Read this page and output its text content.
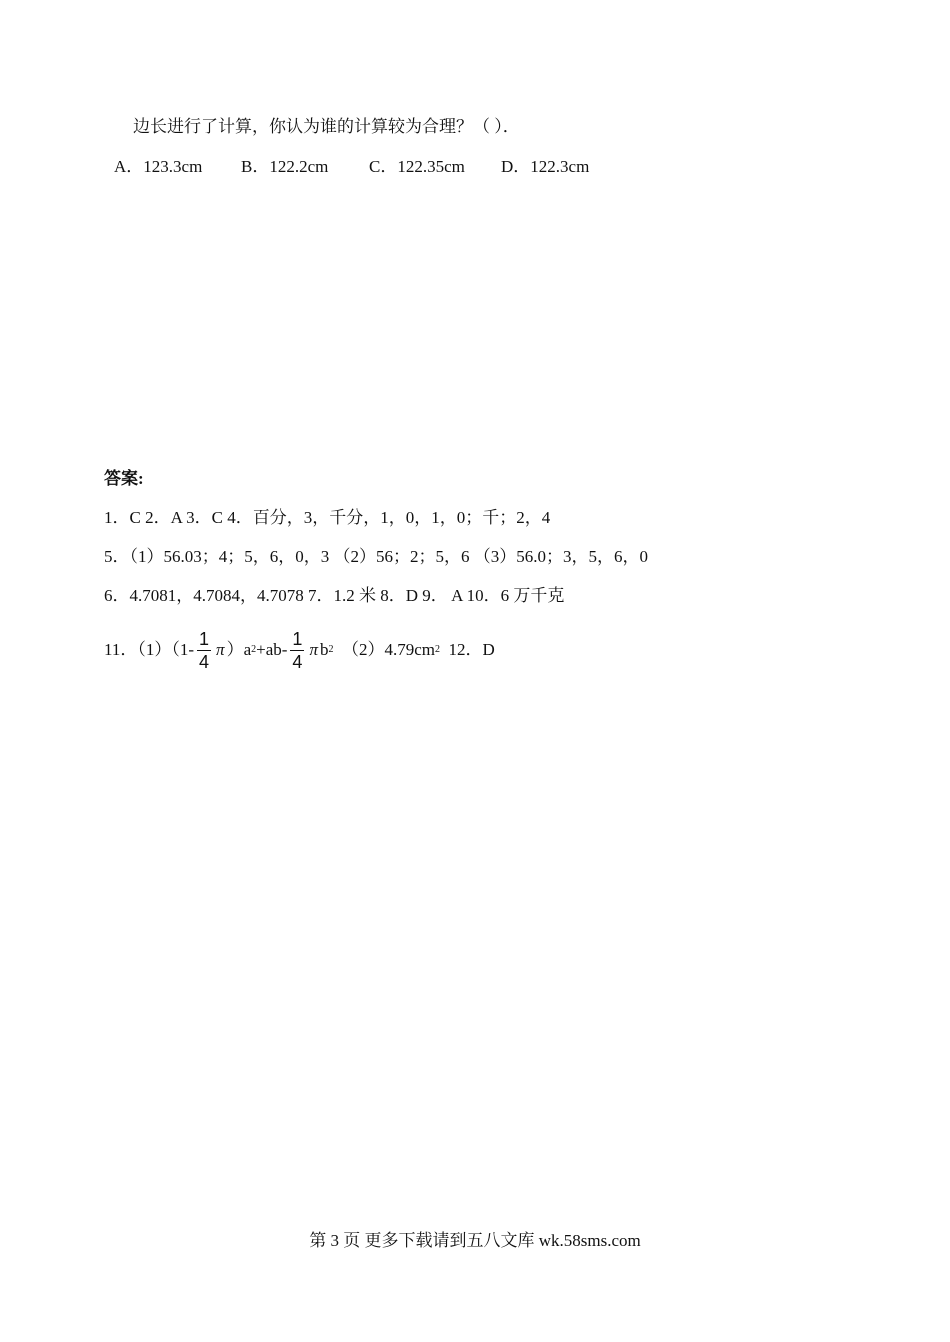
边长进行了计算，你认为谁的计算较为合理？（ ）．
A．123.3cm B．122.2cm C．122.35cm D．122.3cm
答案:
1．C 2．A 3．C 4．百分，3，千分，1，0，1，0；千；2，4
5．（1）56.03；4；5，6，0，3 （2）56；2；5，6 （3）56.0；3，5，6，0
6．4.7081，4.7084，4.7078 7．1.2 米 8．D 9． A 10．6 万千克
11．$(1)(1- \frac{1}{4}$ π ）a $2 +ab- \frac{1}{4}$ π b 2 （2）4.79cm 2 12．D
第 3 页 更多下载请到五八文库 wk.58sms.com
